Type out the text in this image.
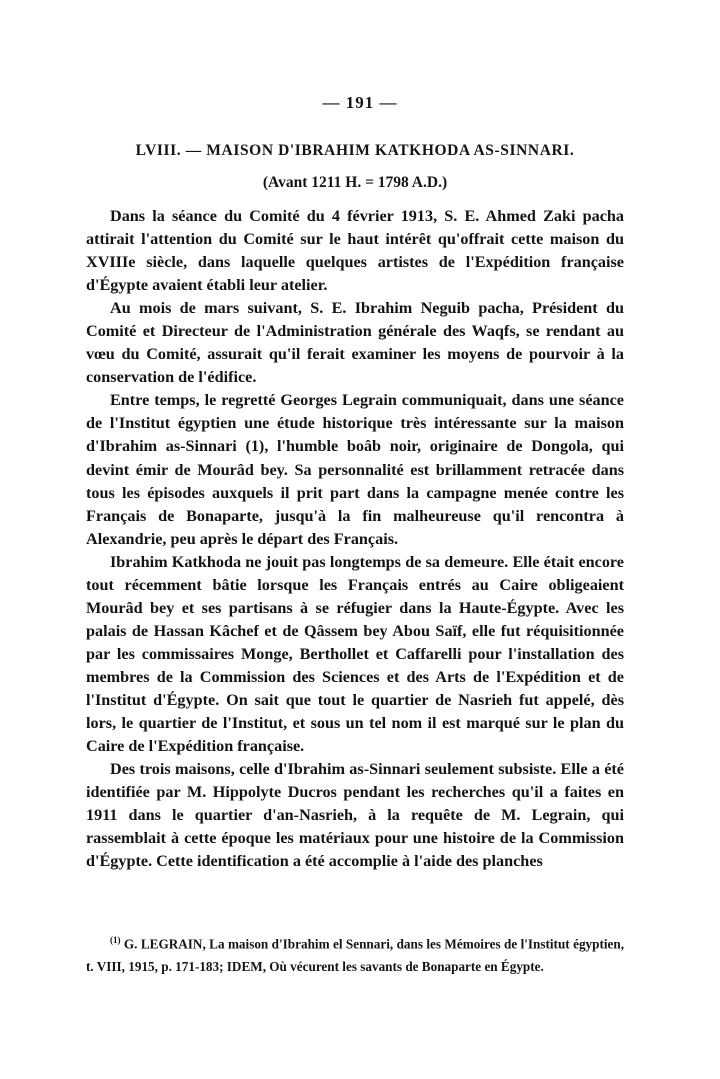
— 191 —
LVIII. — MAISON D'IBRAHIM KATKHODA AS-SINNARI.
(Avant 1211 H. = 1798 A.D.)

Dans la séance du Comité du 4 février 1913, S. E. Ahmed Zaki pacha attirait l'attention du Comité sur le haut intérêt qu'offrait cette maison du XVIIIe siècle, dans laquelle quelques artistes de l'Expédition française d'Égypte avaient établi leur atelier.

Au mois de mars suivant, S. E. Ibrahim Neguib pacha, Président du Comité et Directeur de l'Administration générale des Waqfs, se rendant au vœu du Comité, assurait qu'il ferait examiner les moyens de pourvoir à la conservation de l'édifice.

Entre temps, le regretté Georges Legrain communiquait, dans une séance de l'Institut égyptien une étude historique très intéressante sur la maison d'Ibrahim as-Sinnari (1), l'humble boâb noir, originaire de Dongola, qui devint émir de Mourâd bey. Sa personnalité est brillamment retracée dans tous les épisodes auxquels il prit part dans la campagne menée contre les Français de Bonaparte, jusqu'à la fin malheureuse qu'il rencontra à Alexandrie, peu après le départ des Français.

Ibrahim Katkhoda ne jouit pas longtemps de sa demeure. Elle était encore tout récemment bâtie lorsque les Français entrés au Caire obligeaient Mourâd bey et ses partisans à se réfugier dans la Haute-Égypte. Avec les palais de Hassan Kâchef et de Qâssem bey Abou Saïf, elle fut réquisitionnée par les commissaires Monge, Berthollet et Caffarelli pour l'installation des membres de la Commission des Sciences et des Arts de l'Expédition et de l'Institut d'Égypte. On sait que tout le quartier de Nasrieh fut appelé, dès lors, le quartier de l'Institut, et sous un tel nom il est marqué sur le plan du Caire de l'Expédition française.

Des trois maisons, celle d'Ibrahim as-Sinnari seulement subsiste. Elle a été identifiée par M. Hippolyte Ducros pendant les recherches qu'il a faites en 1911 dans le quartier d'an-Nasrieh, à la requête de M. Legrain, qui rassemblait à cette époque les matériaux pour une histoire de la Commission d'Égypte. Cette identification a été accomplie à l'aide des planches

$^{(1)}$ G. LEGRAIN, La maison d'Ibrahim el Sennari, dans les Mémoires de l'Institut égyptien, t. VIII, 1915, p. 171-183; IDEM, Où vécurent les savants de Bonaparte en Égypte.
